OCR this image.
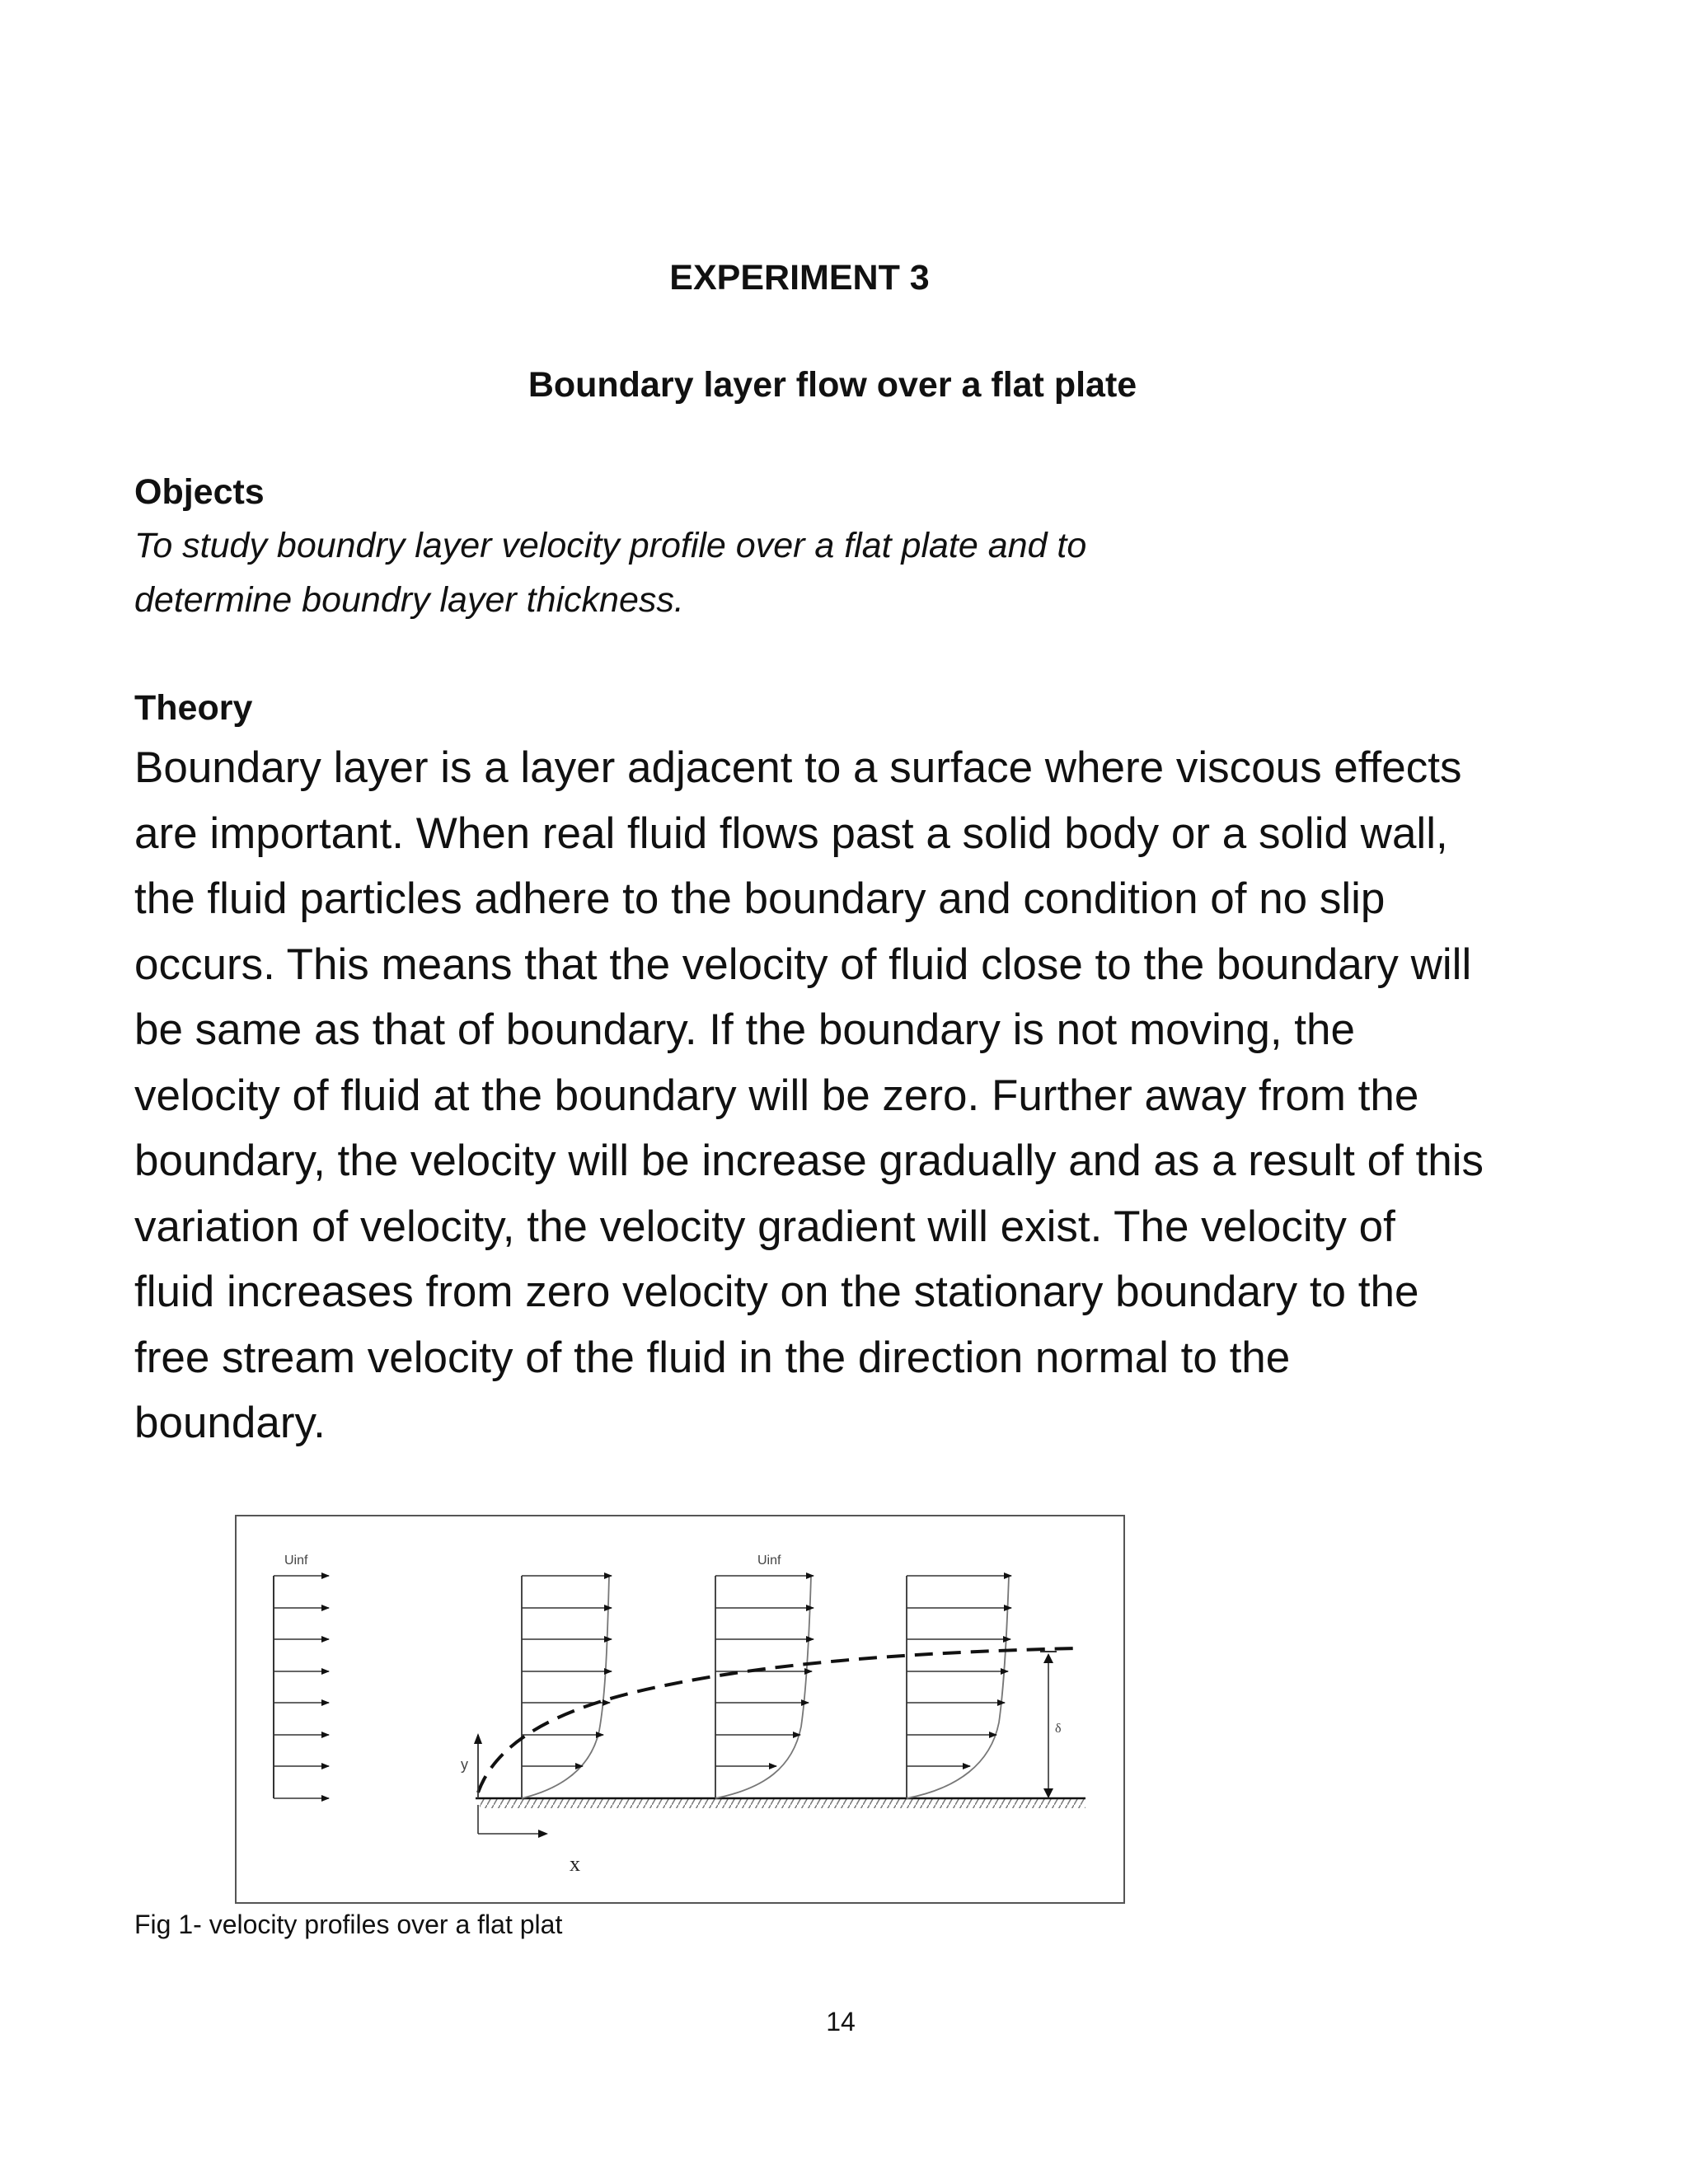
EXPERIMENT 3
Boundary layer flow over a flat plate
Objects
To study boundry layer velocity profile over a flat plate and to
determine boundry layer thickness.
Theory
Boundary layer is a layer adjacent to a surface where viscous effects
are important. When real fluid flows past a solid body or a solid wall,
the fluid particles adhere to the boundary and condition of no slip
occurs. This means that the velocity of fluid close to the boundary will
be same as that of boundary. If the boundary is not moving, the
velocity of fluid at the boundary will be zero. Further away from the
boundary, the velocity will be increase gradually and as a result of this
variation of velocity, the velocity gradient will exist. The velocity of
fluid increases from zero velocity on the stationary boundary to the
free stream velocity of the fluid in the direction normal to the
boundary.
Uinf	Uinf
δ
y
x
Fig 1- velocity profiles over a flat plat
14
